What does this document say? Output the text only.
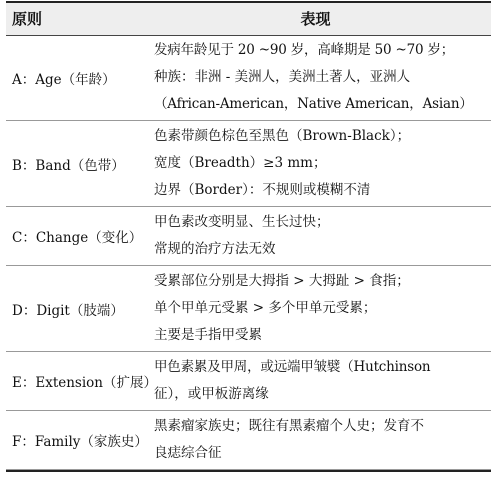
原则	表现
A：Age（年龄）
发病年龄见于 20 ~90 岁，高峰期是 50 ~70 岁；
种族：非洲 - 美洲人，美洲土著人，亚洲人
（African-American，Native American，Asian）
B：Band（色带）
色素带颜色棕色至黑色（Brown-Black）；
宽度（Breadth）≥3 mm；
边界（Border）：不规则或模糊不清
C：Change（变化）
甲色素改变明显、生长过快；
常规的治疗方法无效
D：Digit（肢端）
受累部位分别是大拇指 > 大拇趾 > 食指；
单个甲单元受累 > 多个甲单元受累；
主要是手指甲受累
E：Extension（扩展）
甲色素累及甲周，或远端甲皱襞（Hutchinson
征），或甲板游离缘
F：Family（家族史）
黑素瘤家族史；既往有黑素瘤个人史；发育不
良痣综合征
